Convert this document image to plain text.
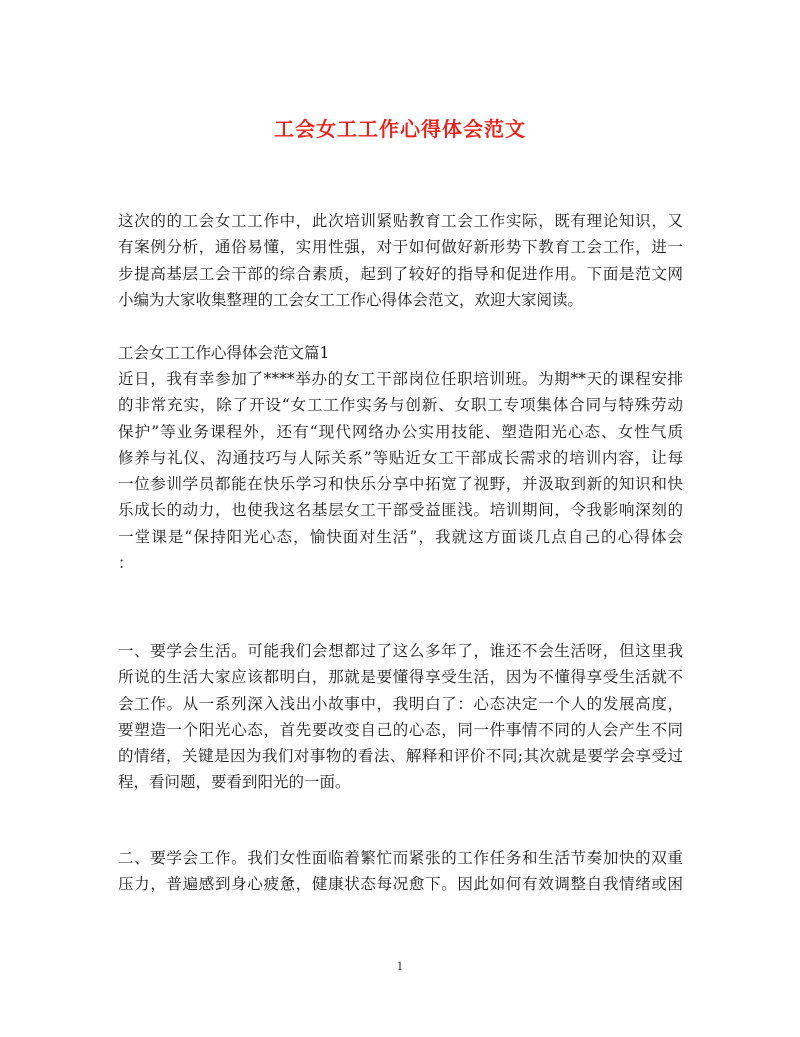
工会女工工作心得体会范文
这次的的工会女工工作中，此次培训紧贴教育工会工作实际，既有理论知识，又
有案例分析，通俗易懂，实用性强，对于如何做好新形势下教育工会工作，进一
步提高基层工会干部的综合素质，起到了较好的指导和促进作用。下面是范文网
小编为大家收集整理的工会女工工作心得体会范文，欢迎大家阅读。
工会女工工作心得体会范文篇1
近日，我有幸参加了****举办的女工干部岗位任职培训班。为期**天的课程安排
的非常充实，除了开设“女工工作实务与创新、女职工专项集体合同与特殊劳动
保护”等业务课程外，还有“现代网络办公实用技能、塑造阳光心态、女性气质
修养与礼仪、沟通技巧与人际关系”等贴近女工干部成长需求的培训内容，让每
一位参训学员都能在快乐学习和快乐分享中拓宽了视野，并汲取到新的知识和快
乐成长的动力，也使我这名基层女工干部受益匪浅。培训期间，令我影响深刻的
一堂课是“保持阳光心态，愉快面对生活”，我就这方面谈几点自己的心得体会
：
一、要学会生活。可能我们会想都过了这么多年了，谁还不会生活呀，但这里我
所说的生活大家应该都明白，那就是要懂得享受生活，因为不懂得享受生活就不
会工作。从一系列深入浅出小故事中，我明白了：心态决定一个人的发展高度，
要塑造一个阳光心态，首先要改变自己的心态，同一件事情不同的人会产生不同
的情绪，关键是因为我们对事物的看法、解释和评价不同;其次就是要学会享受过
程，看问题，要看到阳光的一面。
二、要学会工作。我们女性面临着繁忙而紧张的工作任务和生活节奏加快的双重
压力，普遍感到身心疲惫，健康状态每况愈下。因此如何有效调整自我情绪或困
1
